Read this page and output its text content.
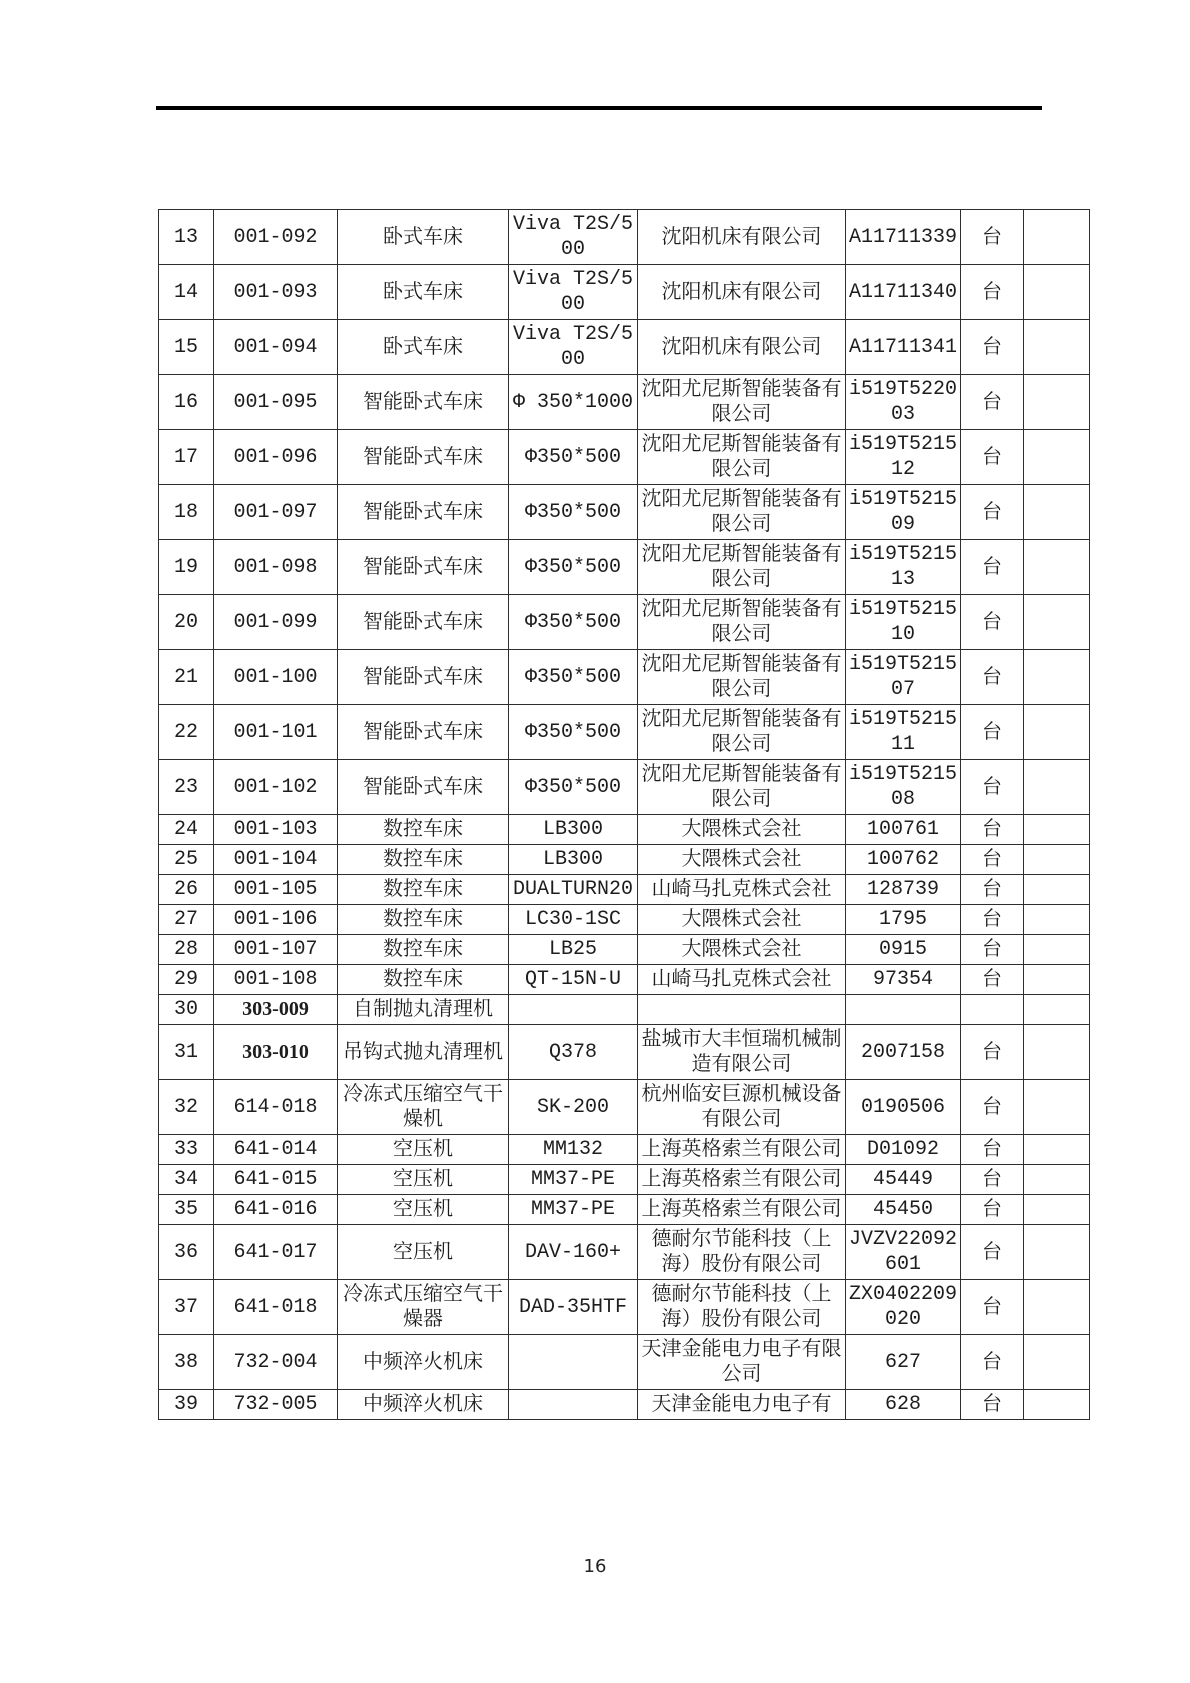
13	001-092	卧式车床	Viva T2S/500	沈阳机床有限公司	A11711339	台	
14	001-093	卧式车床	Viva T2S/500	沈阳机床有限公司	A11711340	台	
15	001-094	卧式车床	Viva T2S/500	沈阳机床有限公司	A11711341	台	
16	001-095	智能卧式车床	Φ 350*1000	沈阳尤尼斯智能装备有限公司	i519T522003	台	
17	001-096	智能卧式车床	Φ350*500	沈阳尤尼斯智能装备有限公司	i519T521512	台	
18	001-097	智能卧式车床	Φ350*500	沈阳尤尼斯智能装备有限公司	i519T521509	台	
19	001-098	智能卧式车床	Φ350*500	沈阳尤尼斯智能装备有限公司	i519T521513	台	
20	001-099	智能卧式车床	Φ350*500	沈阳尤尼斯智能装备有限公司	i519T521510	台	
21	001-100	智能卧式车床	Φ350*500	沈阳尤尼斯智能装备有限公司	i519T521507	台	
22	001-101	智能卧式车床	Φ350*500	沈阳尤尼斯智能装备有限公司	i519T521511	台	
23	001-102	智能卧式车床	Φ350*500	沈阳尤尼斯智能装备有限公司	i519T521508	台	
24	001-103	数控车床	LB300	大隈株式会社	100761	台	
25	001-104	数控车床	LB300	大隈株式会社	100762	台	
26	001-105	数控车床	DUALTURN20	山崎马扎克株式会社	128739	台	
27	001-106	数控车床	LC30-1SC	大隈株式会社	1795	台	
28	001-107	数控车床	LB25	大隈株式会社	0915	台	
29	001-108	数控车床	QT-15N-U	山崎马扎克株式会社	97354	台	
30	303-009	自制抛丸清理机					
31	303-010	吊钩式抛丸清理机	Q378	盐城市大丰恒瑞机械制造有限公司	2007158	台	
32	614-018	冷冻式压缩空气干燥机	SK-200	杭州临安巨源机械设备有限公司	0190506	台	
33	641-014	空压机	MM132	上海英格索兰有限公司	D01092	台	
34	641-015	空压机	MM37-PE	上海英格索兰有限公司	45449	台	
35	641-016	空压机	MM37-PE	上海英格索兰有限公司	45450	台	
36	641-017	空压机	DAV-160+	德耐尔节能科技（上海）股份有限公司	JVZV22092601	台	
37	641-018	冷冻式压缩空气干燥器	DAD-35HTF	德耐尔节能科技（上海）股份有限公司	ZX0402209020	台	
38	732-004	中频淬火机床		天津金能电力电子有限公司	627	台	
39	732-005	中频淬火机床		天津金能电力电子有	628	台	
16
